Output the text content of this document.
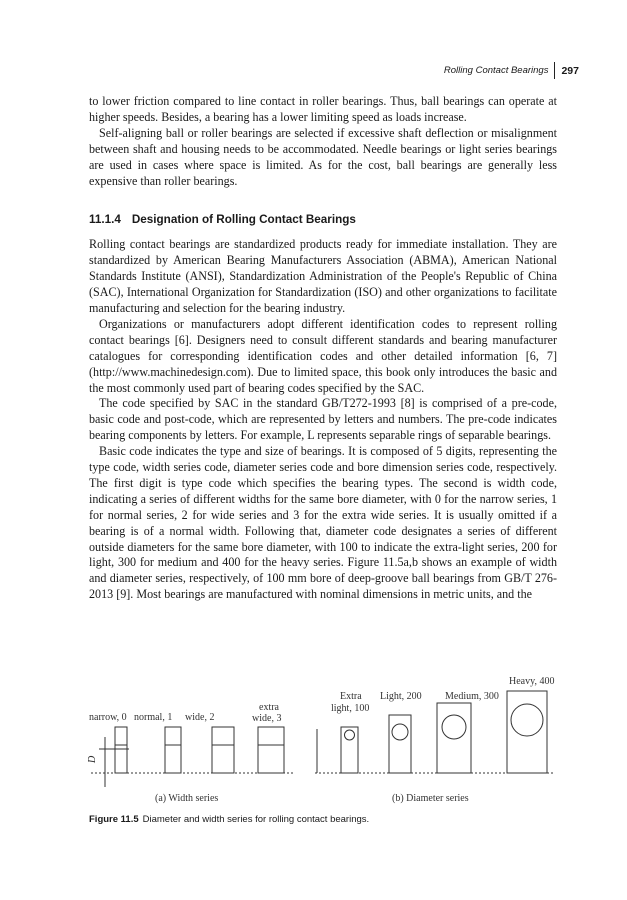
Rolling Contact Bearings 297

to lower friction compared to line contact in roller bearings. Thus, ball bearings can operate at higher speeds. Besides, a bearing has a lower limiting speed as loads increase.

Self-aligning ball or roller bearings are selected if excessive shaft deflection or misalignment between shaft and housing needs to be accommodated. Needle bearings or light series bearings are used in cases where space is limited. As for the cost, ball bearings are generally less expensive than roller bearings.

11.1.4 Designation of Rolling Contact Bearings

Rolling contact bearings are standardized products ready for immediate installation. They are standardized by American Bearing Manufacturers Association (ABMA), American National Standards Institute (ANSI), Standardization Administration of the People's Republic of China (SAC), International Organization for Standardization (ISO) and other organizations to facilitate manufacturing and selection for the bearing industry.

Organizations or manufacturers adopt different identification codes to represent rolling contact bearings [6]. Designers need to consult different standards and bearing manufacturer catalogues for corresponding identification codes and other detailed information [6, 7] (http://www.machinedesign.com). Due to limited space, this book only introduces the basic and the most commonly used part of bearing codes specified by the SAC.

The code specified by SAC in the standard GB/T272-1993 [8] is comprised of a pre-code, basic code and post-code, which are represented by letters and numbers. The pre-code indicates bearing components by letters. For example, L represents separable rings of separable bearings.

Basic code indicates the type and size of bearings. It is composed of 5 digits, representing the type code, width series code, diameter series code and bore dimension series code, respectively. The first digit is type code which specifies the bearing types. The second is width code, indicating a series of different widths for the same bore diameter, with 0 for the narrow series, 1 for normal series, 2 for wide series and 3 for the extra wide series. It is usually omitted if a bearing is of a normal width. Following that, diameter code designates a series of different outside diameters for the same bore diameter, with 100 to indicate the extra-light series, 200 for light, 300 for medium and 400 for the heavy series. Figure 11.5a,b shows an example of width and diameter series, respectively, of 100 mm bore of deep-groove ball bearings from GB/T 276-2013 [9]. Most bearings are manufactured with nominal dimensions in metric units, and the

narrow, 0 normal, 1 wide, 2
extra wide, 3
D
Extra light, 100
Light, 200 Medium, 300
Heavy, 400
(a) Width series	(b) Diameter series
Figure 11.5 Diameter and width series for rolling contact bearings.
